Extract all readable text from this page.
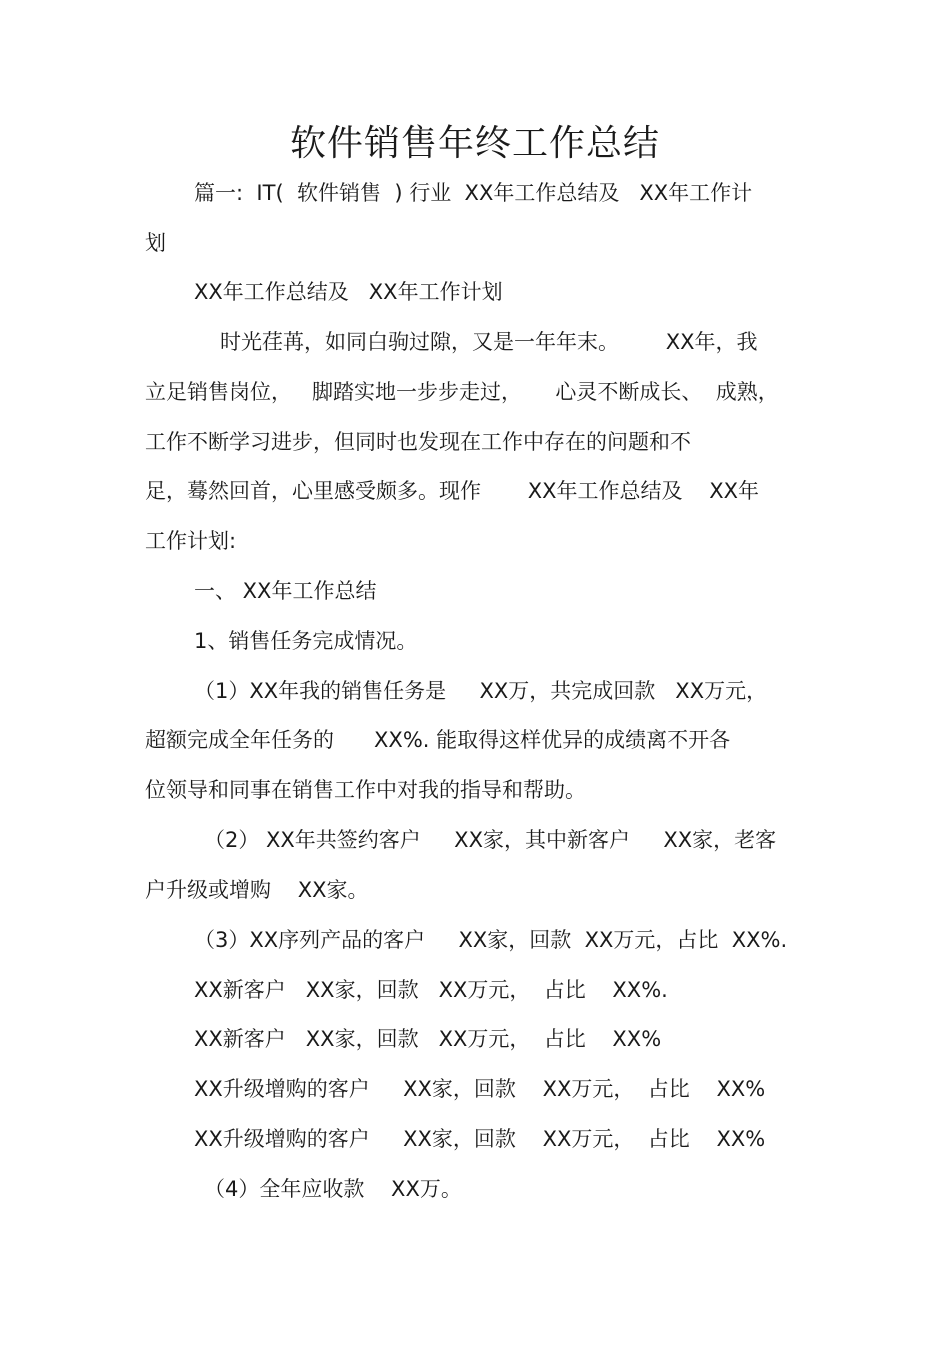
软件销售年终工作总结
篇一:  IT(  软件销售  ) 行业  XX年工作总结及   XX年工作计
划
XX年工作总结及   XX年工作计划
时光荏苒，如同白驹过隙，又是一年年末。       XX年，我
立足销售岗位，   脚踏实地一步步走过，     心灵不断成长、  成熟，
工作不断学习进步，但同时也发现在工作中存在的问题和不
足，蓦然回首，心里感受颇多。现作       XX年工作总结及    XX年
工作计划:
一、 XX年工作总结
1、销售任务完成情况。
（1）XX年我的销售任务是     XX万，共完成回款   XX万元，
超额完成全年任务的      XX%. 能取得这样优异的成绩离不开各
位领导和同事在销售工作中对我的指导和帮助。
（2） XX年共签约客户     XX家，其中新客户     XX家，老客
户升级或增购    XX家。
（3）XX序列产品的客户     XX家，回款  XX万元，占比  XX%.
XX新客户   XX家，回款   XX万元，  占比    XX%.
XX新客户   XX家，回款   XX万元，  占比    XX%
XX升级增购的客户     XX家，回款    XX万元，  占比    XX%
XX升级增购的客户     XX家，回款    XX万元，  占比    XX%
（4）全年应收款    XX万。
